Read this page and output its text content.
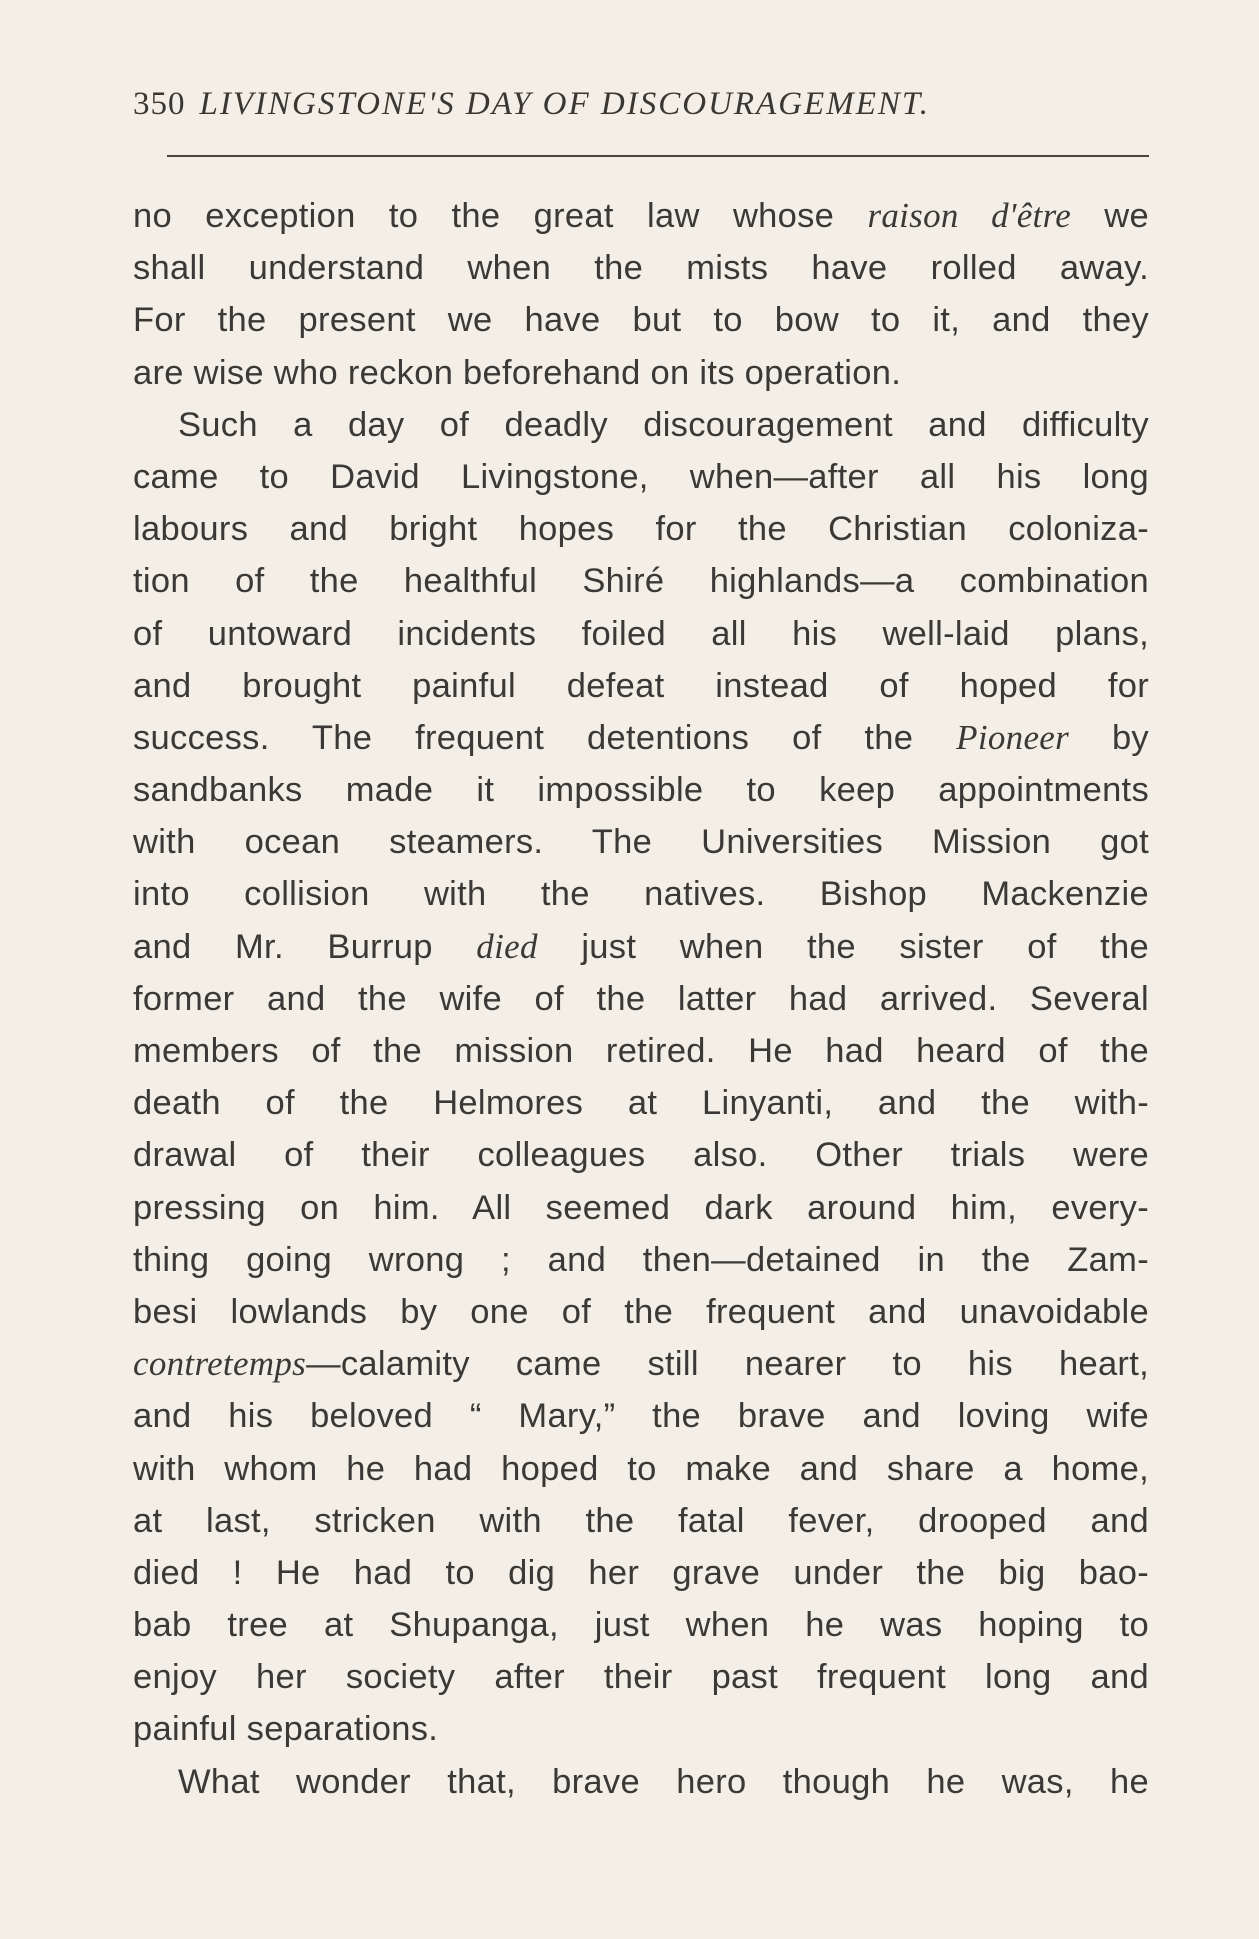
350 LIVINGSTONE'S DAY OF DISCOURAGEMENT.
no exception to the great law whose raison d'être we
shall understand when the mists have rolled away.
For the present we have but to bow to it, and they
are wise who reckon beforehand on its operation.
Such a day of deadly discouragement and difficulty
came to David Livingstone, when—after all his long
labours and bright hopes for the Christian coloniza-
tion of the healthful Shiré highlands—a combination
of untoward incidents foiled all his well-laid plans,
and brought painful defeat instead of hoped for
success. The frequent detentions of the Pioneer by
sandbanks made it impossible to keep appointments
with ocean steamers. The Universities Mission got
into collision with the natives. Bishop Mackenzie
and Mr. Burrup died just when the sister of the
former and the wife of the latter had arrived. Several
members of the mission retired. He had heard of the
death of the Helmores at Linyanti, and the with-
drawal of their colleagues also. Other trials were
pressing on him. All seemed dark around him, every-
thing going wrong ; and then—detained in the Zam-
besi lowlands by one of the frequent and unavoidable
contretemps—calamity came still nearer to his heart,
and his beloved “ Mary,” the brave and loving wife
with whom he had hoped to make and share a home,
at last, stricken with the fatal fever, drooped and
died ! He had to dig her grave under the big bao-
bab tree at Shupanga, just when he was hoping to
enjoy her society after their past frequent long and
painful separations.
What wonder that, brave hero though he was, he
